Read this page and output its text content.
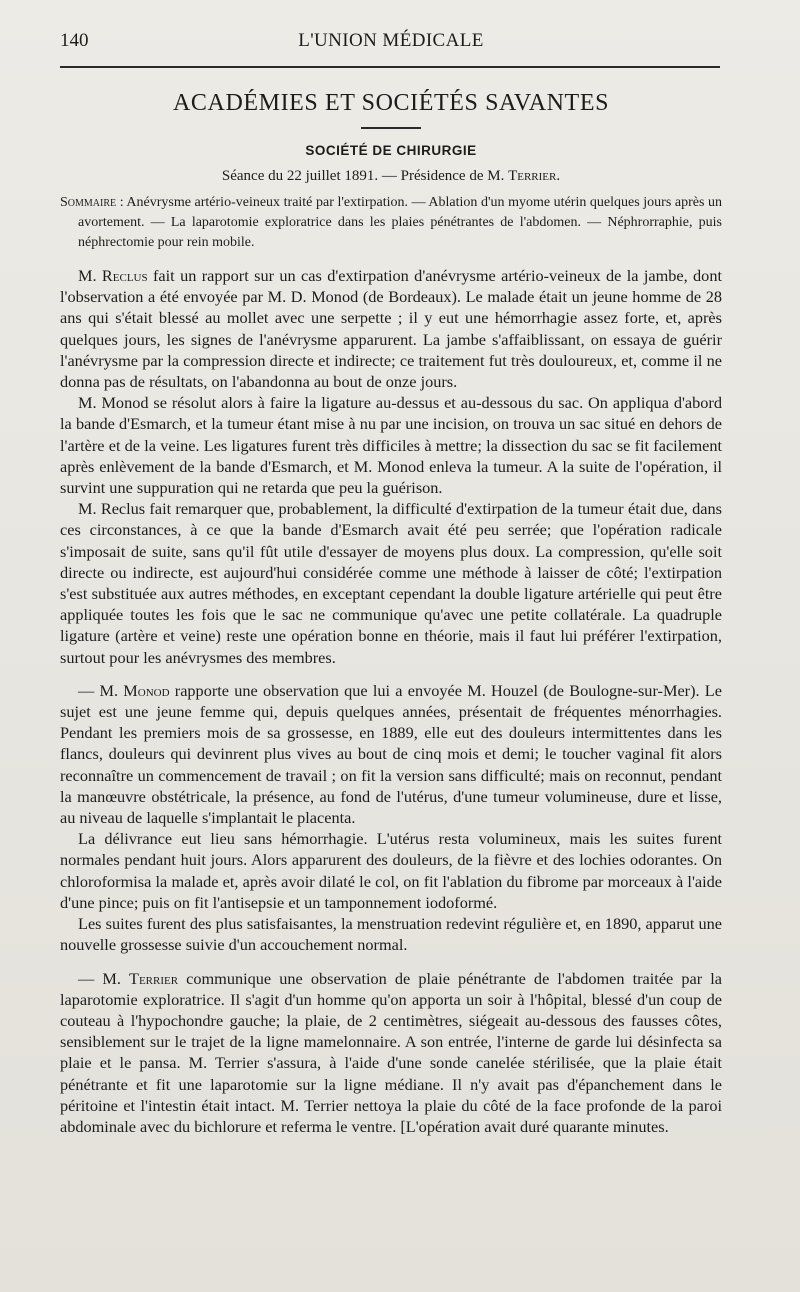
140	L'UNION MÉDICALE
ACADÉMIES ET SOCIÉTÉS SAVANTES
SOCIÉTÉ DE CHIRURGIE
Séance du 22 juillet 1891. — Présidence de M. Terrier.
Sommaire : Anévrysme artério-veineux traité par l'extirpation. — Ablation d'un myome utérin quelques jours après un avortement. — La laparotomie exploratrice dans les plaies pénétrantes de l'abdomen. — Néphrorraphie, puis néphrectomie pour rein mobile.

M. Reclus fait un rapport sur un cas d'extirpation d'anévrysme artério-veineux de la jambe, dont l'observation a été envoyée par M. D. Monod (de Bordeaux). Le malade était un jeune homme de 28 ans qui s'était blessé au mollet avec une serpette ; il y eut une hémorrhagie assez forte, et, après quelques jours, les signes de l'anévrysme apparurent. La jambe s'affaiblissant, on essaya de guérir l'anévrysme par la compression directe et indirecte; ce traitement fut très douloureux, et, comme il ne donna pas de résultats, on l'abandonna au bout de onze jours.

M. Monod se résolut alors à faire la ligature au-dessus et au-dessous du sac. On appliqua d'abord la bande d'Esmarch, et la tumeur étant mise à nu par une incision, on trouva un sac situé en dehors de l'artère et de la veine. Les ligatures furent très difficiles à mettre; la dissection du sac se fit facilement après enlèvement de la bande d'Esmarch, et M. Monod enleva la tumeur. A la suite de l'opération, il survint une suppuration qui ne retarda que peu la guérison.

M. Reclus fait remarquer que, probablement, la difficulté d'extirpation de la tumeur était due, dans ces circonstances, à ce que la bande d'Esmarch avait été peu serrée; que l'opération radicale s'imposait de suite, sans qu'il fût utile d'essayer de moyens plus doux. La compression, qu'elle soit directe ou indirecte, est aujourd'hui considérée comme une méthode à laisser de côté; l'extirpation s'est substituée aux autres méthodes, en exceptant cependant la double ligature artérielle qui peut être appliquée toutes les fois que le sac ne communique qu'avec une petite collatérale. La quadruple ligature (artère et veine) reste une opération bonne en théorie, mais il faut lui préférer l'extirpation, surtout pour les anévrysmes des membres.

— M. Monod rapporte une observation que lui a envoyée M. Houzel (de Boulogne-sur-Mer). Le sujet est une jeune femme qui, depuis quelques années, présentait de fréquentes ménorrhagies. Pendant les premiers mois de sa grossesse, en 1889, elle eut des douleurs intermittentes dans les flancs, douleurs qui devinrent plus vives au bout de cinq mois et demi; le toucher vaginal fit alors reconnaître un commencement de travail ; on fit la version sans difficulté; mais on reconnut, pendant la manœuvre obstétricale, la présence, au fond de l'utérus, d'une tumeur volumineuse, dure et lisse, au niveau de laquelle s'implantait le placenta.

La délivrance eut lieu sans hémorrhagie. L'utérus resta volumineux, mais les suites furent normales pendant huit jours. Alors apparurent des douleurs, de la fièvre et des lochies odorantes. On chloroformisa la malade et, après avoir dilaté le col, on fit l'ablation du fibrome par morceaux à l'aide d'une pince; puis on fit l'antisepsie et un tamponnement iodoformé.

Les suites furent des plus satisfaisantes, la menstruation redevint régulière et, en 1890, apparut une nouvelle grossesse suivie d'un accouchement normal.

— M. Terrier communique une observation de plaie pénétrante de l'abdomen traitée par la laparotomie exploratrice. Il s'agit d'un homme qu'on apporta un soir à l'hôpital, blessé d'un coup de couteau à l'hypochondre gauche; la plaie, de 2 centimètres, siégeait au-dessous des fausses côtes, sensiblement sur le trajet de la ligne mamelonnaire. A son entrée, l'interne de garde lui désinfecta sa plaie et le pansa. M. Terrier s'assura, à l'aide d'une sonde canelée stérilisée, que la plaie était pénétrante et fit une laparotomie sur la ligne médiane. Il n'y avait pas d'épanchement dans le péritoine et l'intestin était intact. M. Terrier nettoya la plaie du côté de la face profonde de la paroi abdominale avec du bichlorure et referma le ventre. [L'opération avait duré quarante minutes.
